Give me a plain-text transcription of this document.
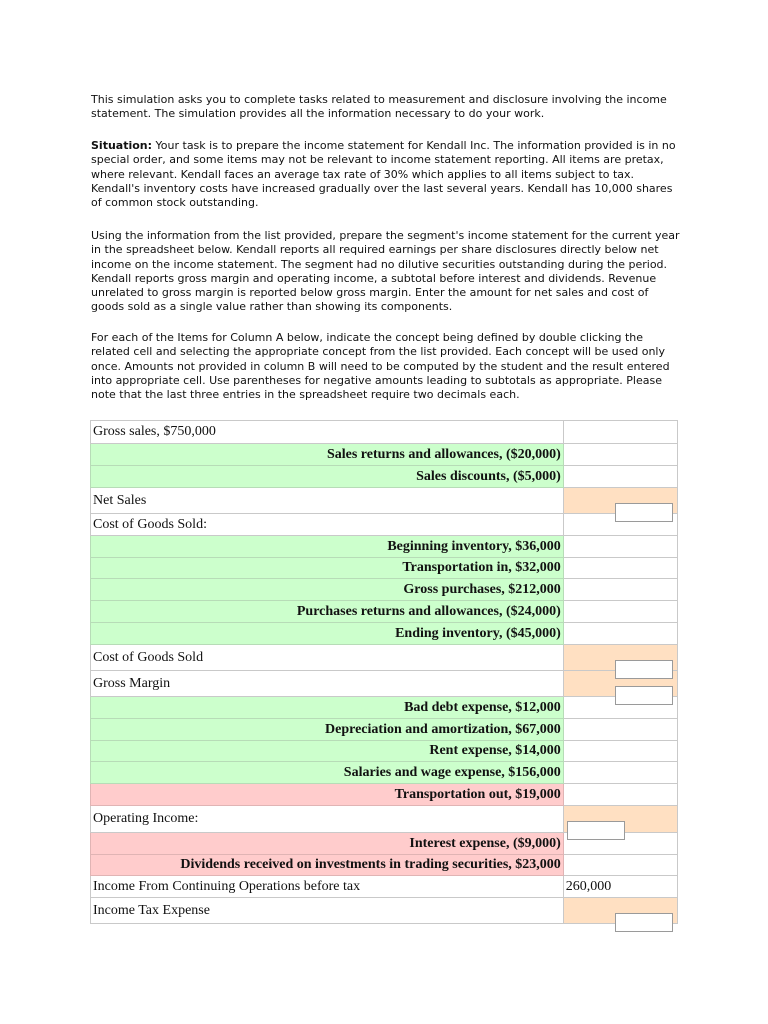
This simulation asks you to complete tasks related to measurement and disclosure involving the income statement. The simulation provides all the information necessary to do your work.

Situation: Your task is to prepare the income statement for Kendall Inc. The information provided is in no special order, and some items may not be relevant to income statement reporting. All items are pretax, where relevant. Kendall faces an average tax rate of 30% which applies to all items subject to tax. Kendall's inventory costs have increased gradually over the last several years. Kendall has 10,000 shares of common stock outstanding.

Using the information from the list provided, prepare the segment's income statement for the current year in the spreadsheet below. Kendall reports all required earnings per share disclosures directly below net income on the income statement. The segment had no dilutive securities outstanding during the period. Kendall reports gross margin and operating income, a subtotal before interest and dividends. Revenue unrelated to gross margin is reported below gross margin. Enter the amount for net sales and cost of goods sold as a single value rather than showing its components.

For each of the Items for Column A below, indicate the concept being defined by double clicking the related cell and selecting the appropriate concept from the list provided. Each concept will be used only once. Amounts not provided in column B will need to be computed by the student and the result entered into appropriate cell. Use parentheses for negative amounts leading to subtotals as appropriate. Please note that the last three entries in the spreadsheet require two decimals each.

Gross sales, $750,000	
Sales returns and allowances, ($20,000)	
Sales discounts, ($5,000)	
Net Sales	

Cost of Goods Sold:	
Beginning inventory, $36,000	
Transportation in, $32,000	
Gross purchases, $212,000	
Purchases returns and allowances, ($24,000)	
Ending inventory, ($45,000)	
Cost of Goods Sold	

Gross Margin	

Bad debt expense, $12,000	
Depreciation and amortization, $67,000	
Rent expense, $14,000	
Salaries and wage expense, $156,000	
Transportation out, $19,000	
Operating Income:	

Interest expense, ($9,000)	
Dividends received on investments in trading securities, $23,000	
Income From Continuing Operations before tax	260,000
Income Tax Expense	
